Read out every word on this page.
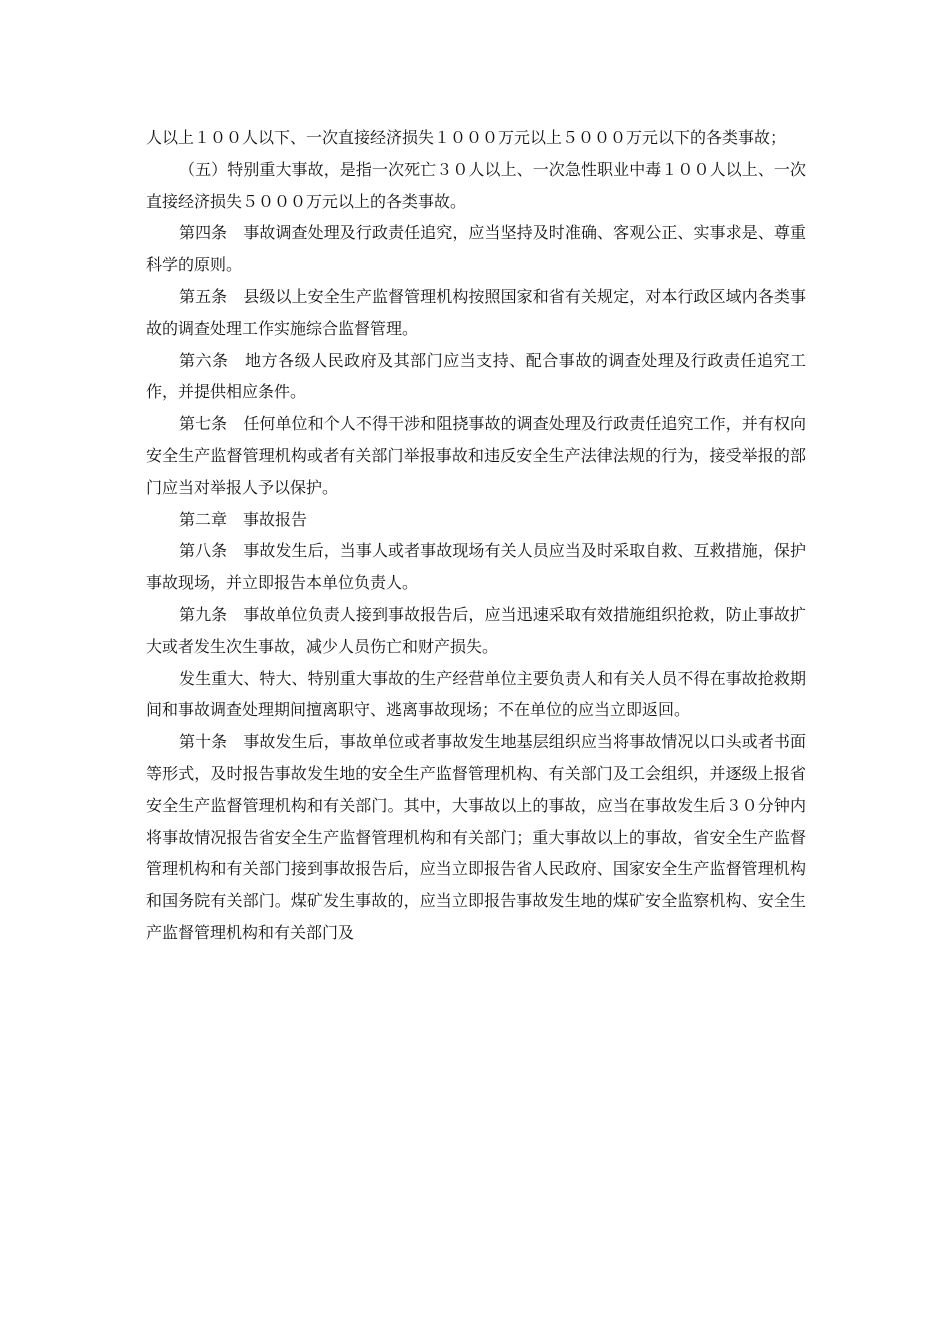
人以上１００人以下、一次直接经济损失１０００万元以上５０００万元以下的各类事故；

（五）特别重大事故，是指一次死亡３０人以上、一次急性职业中毒１００人以上、一次直接经济损失５０００万元以上的各类事故。

第四条　事故调查处理及行政责任追究，应当坚持及时准确、客观公正、实事求是、尊重科学的原则。

第五条　县级以上安全生产监督管理机构按照国家和省有关规定，对本行政区域内各类事故的调查处理工作实施综合监督管理。

第六条　地方各级人民政府及其部门应当支持、配合事故的调查处理及行政责任追究工作，并提供相应条件。

第七条　任何单位和个人不得干涉和阻挠事故的调查处理及行政责任追究工作，并有权向安全生产监督管理机构或者有关部门举报事故和违反安全生产法律法规的行为，接受举报的部门应当对举报人予以保护。

第二章　事故报告

第八条　事故发生后，当事人或者事故现场有关人员应当及时采取自救、互救措施，保护事故现场，并立即报告本单位负责人。

第九条　事故单位负责人接到事故报告后，应当迅速采取有效措施组织抢救，防止事故扩大或者发生次生事故，减少人员伤亡和财产损失。

发生重大、特大、特别重大事故的生产经营单位主要负责人和有关人员不得在事故抢救期间和事故调查处理期间擅离职守、逃离事故现场；不在单位的应当立即返回。

第十条　事故发生后，事故单位或者事故发生地基层组织应当将事故情况以口头或者书面等形式，及时报告事故发生地的安全生产监督管理机构、有关部门及工会组织，并逐级上报省安全生产监督管理机构和有关部门。其中，大事故以上的事故，应当在事故发生后３０分钟内将事故情况报告省安全生产监督管理机构和有关部门；重大事故以上的事故，省安全生产监督管理机构和有关部门接到事故报告后，应当立即报告省人民政府、国家安全生产监督管理机构和国务院有关部门。煤矿发生事故的，应当立即报告事故发生地的煤矿安全监察机构、安全生产监督管理机构和有关部门及
